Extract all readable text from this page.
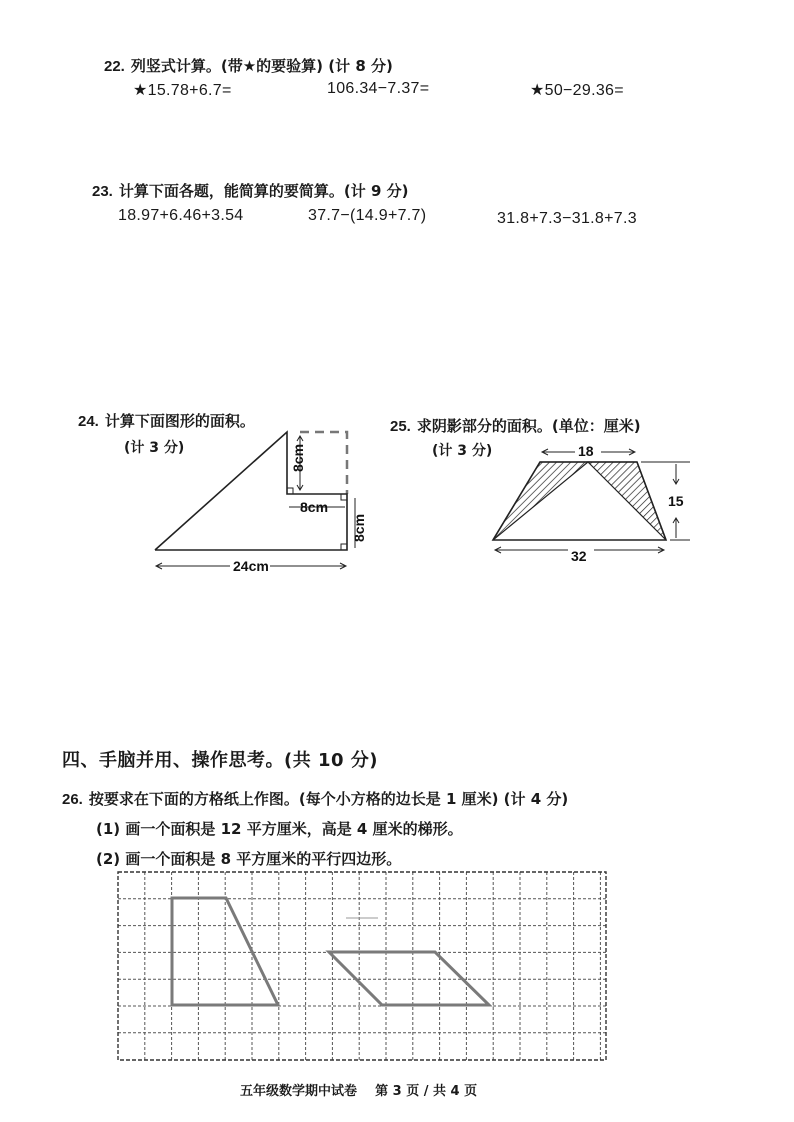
22. 列竖式计算。(带★的要验算) (计 8 分)
★15.78+6.7=	106.34−7.37=	★50−29.36=
23. 计算下面各题，能简算的要简算。(计 9 分)
18.97+6.46+3.54	37.7−(14.9+7.7)	31.8+7.3−31.8+7.3
24. 计算下面图形的面积。
(计 3 分)	8cm
8cm
8cm
24cm
25. 求阴影部分的面积。(单位：厘米)
(计 3 分)	18
15
32
四、手脑并用、操作思考。(共 10 分)
26. 按要求在下面的方格纸上作图。(每个小方格的边长是 1 厘米) (计 4 分)
(1) 画一个面积是 12 平方厘米，高是 4 厘米的梯形。
(2) 画一个面积是 8 平方厘米的平行四边形。
五年级数学期中试卷 第 3 页 / 共 4 页
